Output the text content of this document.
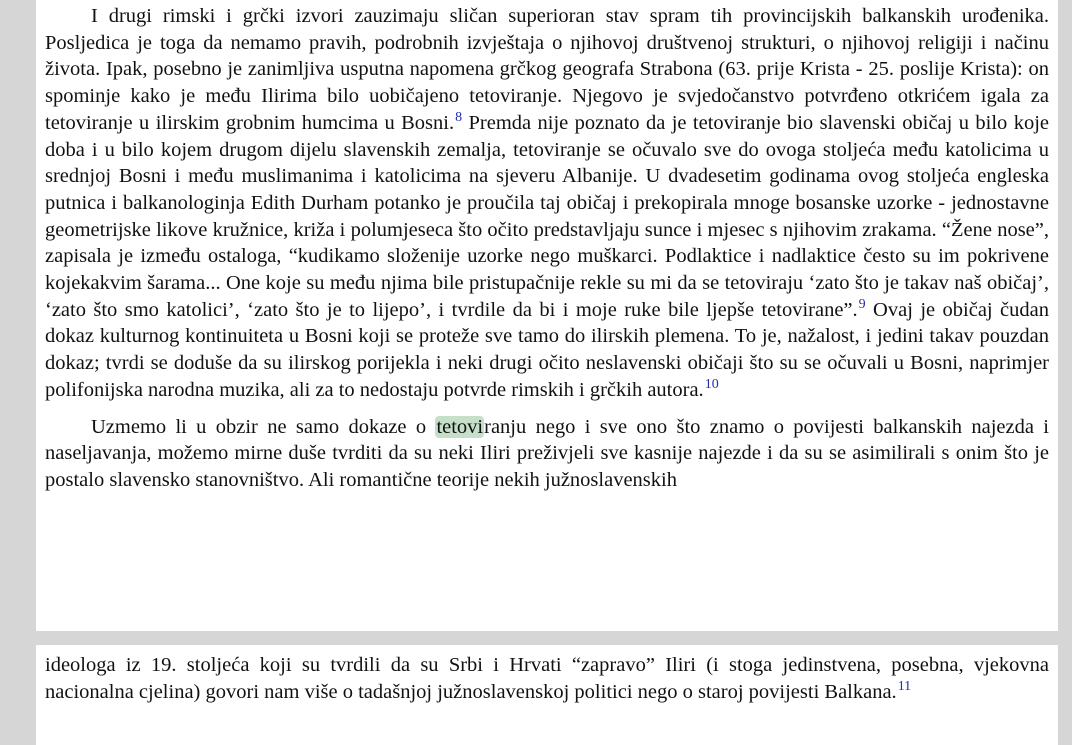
I drugi rimski i grčki izvori zauzimaju sličan superioran stav spram tih provincijskih balkanskih urođenika. Posljedica je toga da nemamo pravih, podrobnih izvještaja o njihovoj društvenoj strukturi, o njihovoj religiji i načinu života. Ipak, posebno je zanimljiva usputna napomena grčkog geografa Strabona (63. prije Krista - 25. poslije Krista): on spominje kako je među Ilirima bilo uobičajeno tetoviranje. Njegovo je svjedočanstvo potvrđeno otkrićem igala za tetoviranje u ilirskim grobnim humcima u Bosni.$^8$ Premda nije poznato da je tetoviranje bio slavenski običaj u bilo koje doba i u bilo kojem drugom dijelu slavenskih zemalja, tetoviranje se očuvalo sve do ovoga stoljeća među katolicima u srednjoj Bosni i među muslimanima i katolicima na sjeveru Albanije. U dvadesetim godinama ovog stoljeća engleska putnica i balkanologinja Edith Durham potanko je proučila taj običaj i prekopirala mnoge bosanske uzorke - jednostavne geometrijske likove kružnice, križa i polumjeseca što očito predstavljaju sunce i mjesec s njihovim zrakama. “Žene nose”, zapisala je između ostaloga, “kudikamo složenije uzorke nego muškarci. Podlaktice i nadlaktice često su im pokrivene kojekakvim šarama... One koje su među njima bile pristupačnije rekle su mi da se tetoviraju ‘zato što je takav naš običaj’, ‘zato što smo katolici’, ‘zato što je to lijepo’, i tvrdile da bi i moje ruke bile ljepše tetovirane”.$^9$ Ovaj je običaj čudan dokaz kulturnog kontinuiteta u Bosni koji se proteže sve tamo do ilirskih plemena. To je, nažalost, i jedini takav pouzdan dokaz; tvrdi se doduše da su ilirskog porijekla i neki drugi očito neslavenski običaji što su se očuvali u Bosni, naprimjer polifonijska narodna muzika, ali za to nedostaju potvrde rimskih i grčkih autora.$^{10}$

Uzmemo li u obzir ne samo dokaze o tetoviranju nego i sve ono što znamo o povijesti balkanskih najezda i naseljavanja, možemo mirne duše tvrditi da su neki Iliri preživjeli sve kasnije najezde i da su se asimilirali s onim što je postalo slavensko stanovništvo. Ali romantične teorije nekih južnoslavenskih

ideologa iz 19. stoljeća koji su tvrdili da su Srbi i Hrvati “zapravo” Iliri (i stoga jedinstvena, posebna, vjekovna nacionalna cjelina) govori nam više o tadašnjoj južnoslavenskoj politici nego o staroj povijesti Balkana.$^{11}$
